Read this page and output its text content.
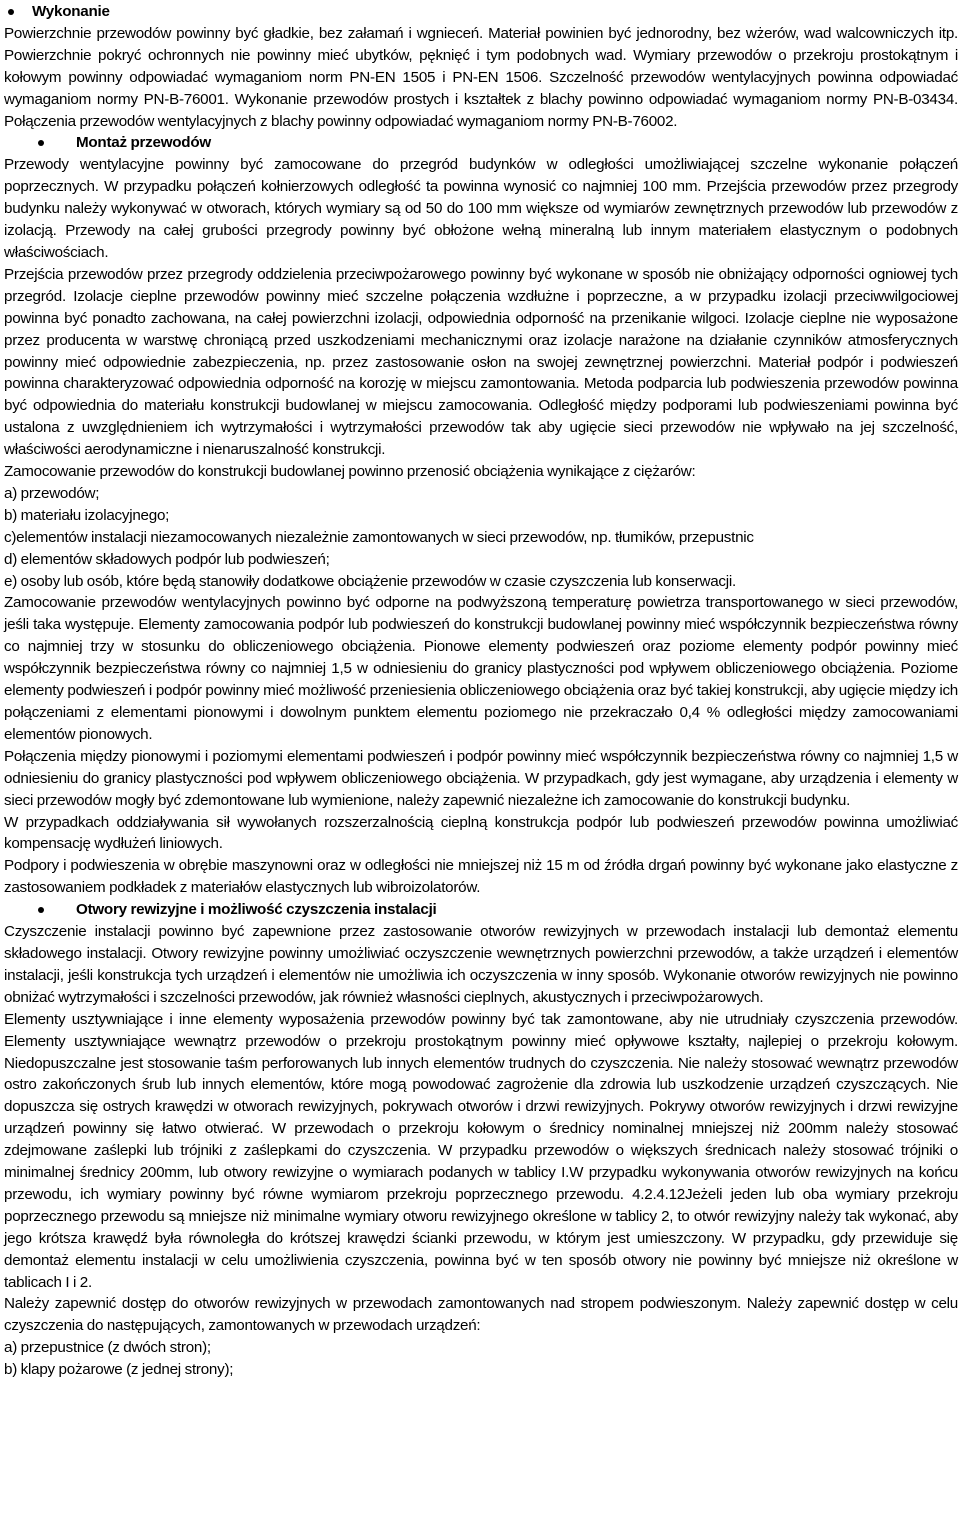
Wykonanie

Powierzchnie przewodów powinny być gładkie, bez załamań i wgnieceń. Materiał powinien być jednorodny, bez wżerów, wad walcowniczych itp. Powierzchnie pokryć ochronnych nie powinny mieć ubytków, pęknięć i tym podobnych wad. Wymiary przewodów o przekroju prostokątnym i kołowym powinny odpowiadać wymaganiom norm PN-EN 1505 i PN-EN 1506. Szczelność przewodów wentylacyjnych powinna odpowiadać wymaganiom normy PN-B-76001. Wykonanie przewodów prostych i kształtek z blachy powinno odpowiadać wymaganiom normy PN-B-03434. Połączenia przewodów wentylacyjnych z blachy powinny odpowiadać wymaganiom normy PN-B-76002.

Montaż przewodów

Przewody wentylacyjne powinny być zamocowane do przegród budynków w odległości umożliwiającej szczelne wykonanie połączeń poprzecznych. W przypadku połączeń kołnierzowych odległość ta powinna wynosić co najmniej 100 mm. Przejścia przewodów przez przegrody budynku należy wykonywać w otworach, których wymiary są od 50 do 100 mm większe od wymiarów zewnętrznych przewodów lub przewodów z izolacją. Przewody na całej grubości przegrody powinny być obłożone wełną mineralną lub innym materiałem elastycznym o podobnych właściwościach.

Przejścia przewodów przez przegrody oddzielenia przeciwpożarowego powinny być wykonane w sposób nie obniżający odporności ogniowej tych przegród. Izolacje cieplne przewodów powinny mieć szczelne połączenia wzdłużne i poprzeczne, a w przypadku izolacji przeciwwilgociowej powinna być ponadto zachowana, na całej powierzchni izolacji, odpowiednia odporność na przenikanie wilgoci. Izolacje cieplne nie wyposażone przez producenta w warstwę chroniącą przed uszkodzeniami mechanicznymi oraz izolacje narażone na działanie czynników atmosferycznych powinny mieć odpowiednie zabezpieczenia, np. przez zastosowanie osłon na swojej zewnętrznej powierzchni. Materiał podpór i podwieszeń powinna charakteryzować odpowiednia odporność na korozję w miejscu zamontowania. Metoda podparcia lub podwieszenia przewodów powinna być odpowiednia do materiału konstrukcji budowlanej w miejscu zamocowania. Odległość między podporami lub podwieszeniami powinna być ustalona z uwzględnieniem ich wytrzymałości i wytrzymałości przewodów tak aby ugięcie sieci przewodów nie wpływało na jej szczelność, właściwości aerodynamiczne i nienaruszalność konstrukcji.

Zamocowanie przewodów do konstrukcji budowlanej powinno przenosić obciążenia wynikające z ciężarów:

a) przewodów;

b) materiału izolacyjnego;

c)elementów instalacji niezamocowanych niezależnie zamontowanych w sieci przewodów, np. tłumików, przepustnic

d) elementów składowych podpór lub podwieszeń;

e) osoby lub osób, które będą stanowiły dodatkowe obciążenie przewodów w czasie czyszczenia lub konserwacji.

Zamocowanie przewodów wentylacyjnych powinno być odporne na podwyższoną temperaturę powietrza transportowanego w sieci przewodów, jeśli taka występuje. Elementy zamocowania podpór lub podwieszeń do konstrukcji budowlanej powinny mieć współczynnik bezpieczeństwa równy co najmniej trzy w stosunku do obliczeniowego obciążenia. Pionowe elementy podwieszeń oraz poziome elementy podpór powinny mieć współczynnik bezpieczeństwa równy co najmniej 1,5 w odniesieniu do granicy plastyczności pod wpływem obliczeniowego obciążenia. Poziome elementy podwieszeń i podpór powinny mieć możliwość przeniesienia obliczeniowego obciążenia oraz być takiej konstrukcji, aby ugięcie między ich połączeniami z elementami pionowymi i dowolnym punktem elementu poziomego nie przekraczało 0,4 % odległości między zamocowaniami elementów pionowych.

Połączenia między pionowymi i poziomymi elementami podwieszeń i podpór powinny mieć współczynnik bezpieczeństwa równy co najmniej 1,5 w odniesieniu do granicy plastyczności pod wpływem obliczeniowego obciążenia. W przypadkach, gdy jest wymagane, aby urządzenia i elementy w sieci przewodów mogły być zdemontowane lub wymienione, należy zapewnić niezależne ich zamocowanie do konstrukcji budynku.

W przypadkach oddziaływania sił wywołanych rozszerzalnością cieplną konstrukcja podpór lub podwieszeń przewodów powinna umożliwiać kompensację wydłużeń liniowych.

Podpory i podwieszenia w obrębie maszynowni oraz w odległości nie mniejszej niż 15 m od źródła drgań powinny być wykonane jako elastyczne z zastosowaniem podkładek z materiałów elastycznych lub wibroizolatorów.

Otwory rewizyjne i możliwość czyszczenia instalacji

Czyszczenie instalacji powinno być zapewnione przez zastosowanie otworów rewizyjnych w przewodach instalacji lub demontaż elementu składowego instalacji. Otwory rewizyjne powinny umożliwiać oczyszczenie wewnętrznych powierzchni przewodów, a także urządzeń i elementów instalacji, jeśli konstrukcja tych urządzeń i elementów nie umożliwia ich oczyszczenia w inny sposób. Wykonanie otworów rewizyjnych nie powinno obniżać wytrzymałości i szczelności przewodów, jak również własności cieplnych, akustycznych i przeciwpożarowych.

Elementy usztywniające i inne elementy wyposażenia przewodów powinny być tak zamontowane, aby nie utrudniały czyszczenia przewodów. Elementy usztywniające wewnątrz przewodów o przekroju prostokątnym powinny mieć opływowe kształty, najlepiej o przekroju kołowym. Niedopuszczalne jest stosowanie taśm perforowanych lub innych elementów trudnych do czyszczenia. Nie należy stosować wewnątrz przewodów ostro zakończonych śrub lub innych elementów, które mogą powodować zagrożenie dla zdrowia lub uszkodzenie urządzeń czyszczących. Nie dopuszcza się ostrych krawędzi w otworach rewizyjnych, pokrywach otworów i drzwi rewizyjnych. Pokrywy otworów rewizyjnych i drzwi rewizyjne urządzeń powinny się łatwo otwierać. W przewodach o przekroju kołowym o średnicy nominalnej mniejszej niż 200mm należy stosować zdejmowane zaślepki lub trójniki z zaślepkami do czyszczenia. W przypadku przewodów o większych średnicach należy stosować trójniki o minimalnej średnicy 200mm, lub otwory rewizyjne o wymiarach podanych w tablicy I.W przypadku wykonywania otworów rewizyjnych na końcu przewodu, ich wymiary powinny być równe wymiarom przekroju poprzecznego przewodu. 4.2.4.12Jeżeli jeden lub oba wymiary przekroju poprzecznego przewodu są mniejsze niż minimalne wymiary otworu rewizyjnego określone w tablicy 2, to otwór rewizyjny należy tak wykonać, aby jego krótsza krawędź była równoległa do krótszej krawędzi ścianki przewodu, w którym jest umieszczony. W przypadku, gdy przewiduje się demontaż elementu instalacji w celu umożliwienia czyszczenia, powinna być w ten sposób otwory nie powinny być mniejsze niż określone w tablicach I i 2.

Należy zapewnić dostęp do otworów rewizyjnych w przewodach zamontowanych nad stropem podwieszonym. Należy zapewnić dostęp w celu czyszczenia do następujących, zamontowanych w przewodach urządzeń:

a) przepustnice (z dwóch stron);

b) klapy pożarowe (z jednej strony);
